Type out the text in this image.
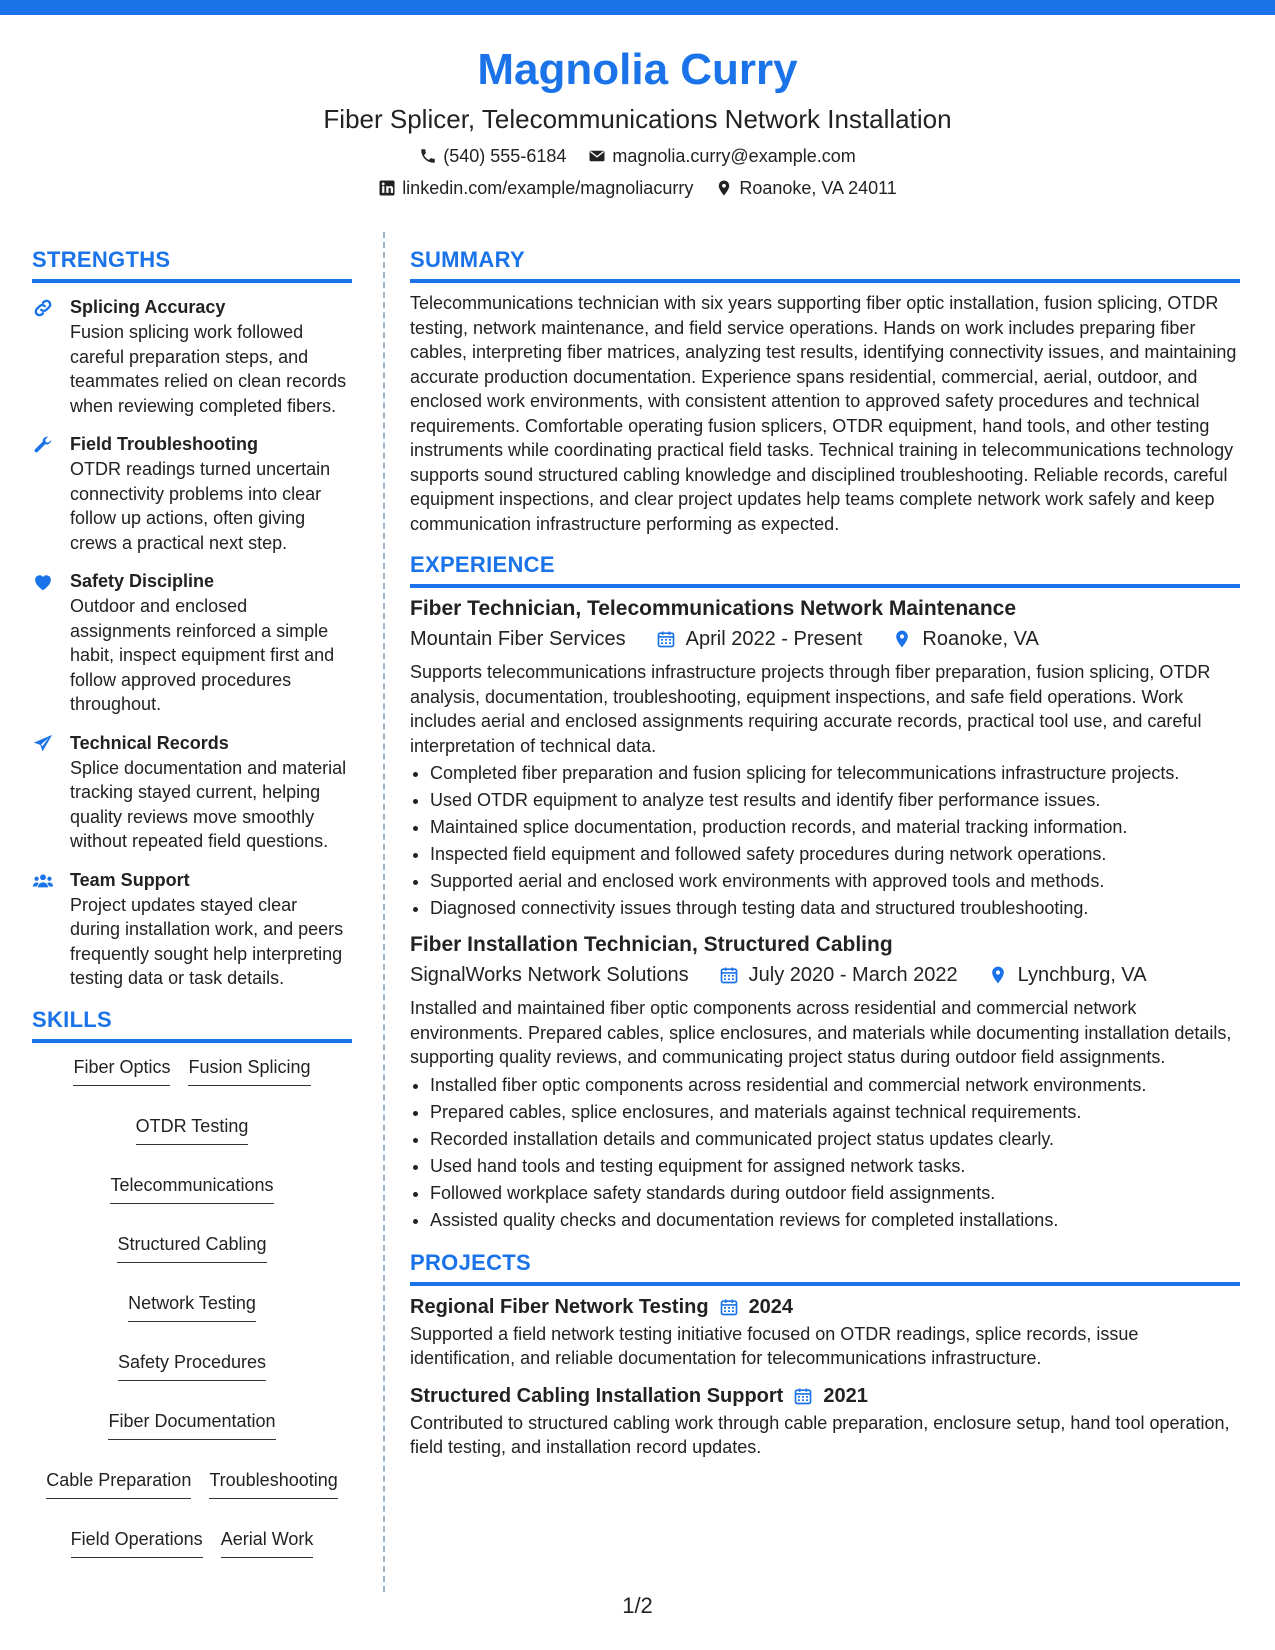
Magnolia Curry
Fiber Splicer, Telecommunications Network Installation
(540) 555-6184	magnolia.curry@example.com
linkedin.com/example/magnoliacurry	Roanoke, VA 24011
STRENGTHS
Splicing Accuracy
Fusion splicing work followed careful preparation steps, and teammates relied on clean records when reviewing completed fibers.
Field Troubleshooting
OTDR readings turned uncertain connectivity problems into clear follow up actions, often giving crews a practical next step.
Safety Discipline
Outdoor and enclosed assignments reinforced a simple habit, inspect equipment first and follow approved procedures throughout.
Technical Records
Splice documentation and material tracking stayed current, helping quality reviews move smoothly without repeated field questions.
Team Support
Project updates stayed clear during installation work, and peers frequently sought help interpreting testing data or task details.
SKILLS
Fiber Optics Fusion Splicing
OTDR Testing
Telecommunications
Structured Cabling
Network Testing
Safety Procedures
Fiber Documentation
Cable Preparation Troubleshooting
Field Operations Aerial Work
SUMMARY

Telecommunications technician with six years supporting fiber optic installation, fusion splicing, OTDR testing, network maintenance, and field service operations. Hands on work includes preparing fiber cables, interpreting fiber matrices, analyzing test results, identifying connectivity issues, and maintaining accurate production documentation. Experience spans residential, commercial, aerial, outdoor, and enclosed work environments, with consistent attention to approved safety procedures and technical requirements. Comfortable operating fusion splicers, OTDR equipment, hand tools, and other testing instruments while coordinating practical field tasks. Technical training in telecommunications technology supports sound structured cabling knowledge and disciplined troubleshooting. Reliable records, careful equipment inspections, and clear project updates help teams complete network work safely and keep communication infrastructure performing as expected.

EXPERIENCE
Fiber Technician, Telecommunications Network Maintenance
Mountain Fiber Services	April 2022 - Present	Roanoke, VA

Supports telecommunications infrastructure projects through fiber preparation, fusion splicing, OTDR analysis, documentation, troubleshooting, equipment inspections, and safe field operations. Work includes aerial and enclosed assignments requiring accurate records, practical tool use, and careful interpretation of technical data.

• Completed fiber preparation and fusion splicing for telecommunications infrastructure projects.
• Used OTDR equipment to analyze test results and identify fiber performance issues.
• Maintained splice documentation, production records, and material tracking information.
• Inspected field equipment and followed safety procedures during network operations.
• Supported aerial and enclosed work environments with approved tools and methods.
• Diagnosed connectivity issues through testing data and structured troubleshooting.
Fiber Installation Technician, Structured Cabling
SignalWorks Network Solutions	July 2020 - March 2022	Lynchburg, VA

Installed and maintained fiber optic components across residential and commercial network environments. Prepared cables, splice enclosures, and materials while documenting installation details, supporting quality reviews, and communicating project status during outdoor field assignments.

• Installed fiber optic components across residential and commercial network environments.
• Prepared cables, splice enclosures, and materials against technical requirements.
• Recorded installation details and communicated project status updates clearly.
• Used hand tools and testing equipment for assigned network tasks.
• Followed workplace safety standards during outdoor field assignments.
• Assisted quality checks and documentation reviews for completed installations.
PROJECTS
Regional Fiber Network Testing 2024

Supported a field network testing initiative focused on OTDR readings, splice records, issue identification, and reliable documentation for telecommunications infrastructure.

Structured Cabling Installation Support 2021

Contributed to structured cabling work through cable preparation, enclosure setup, hand tool operation, field testing, and installation record updates.

1/2
